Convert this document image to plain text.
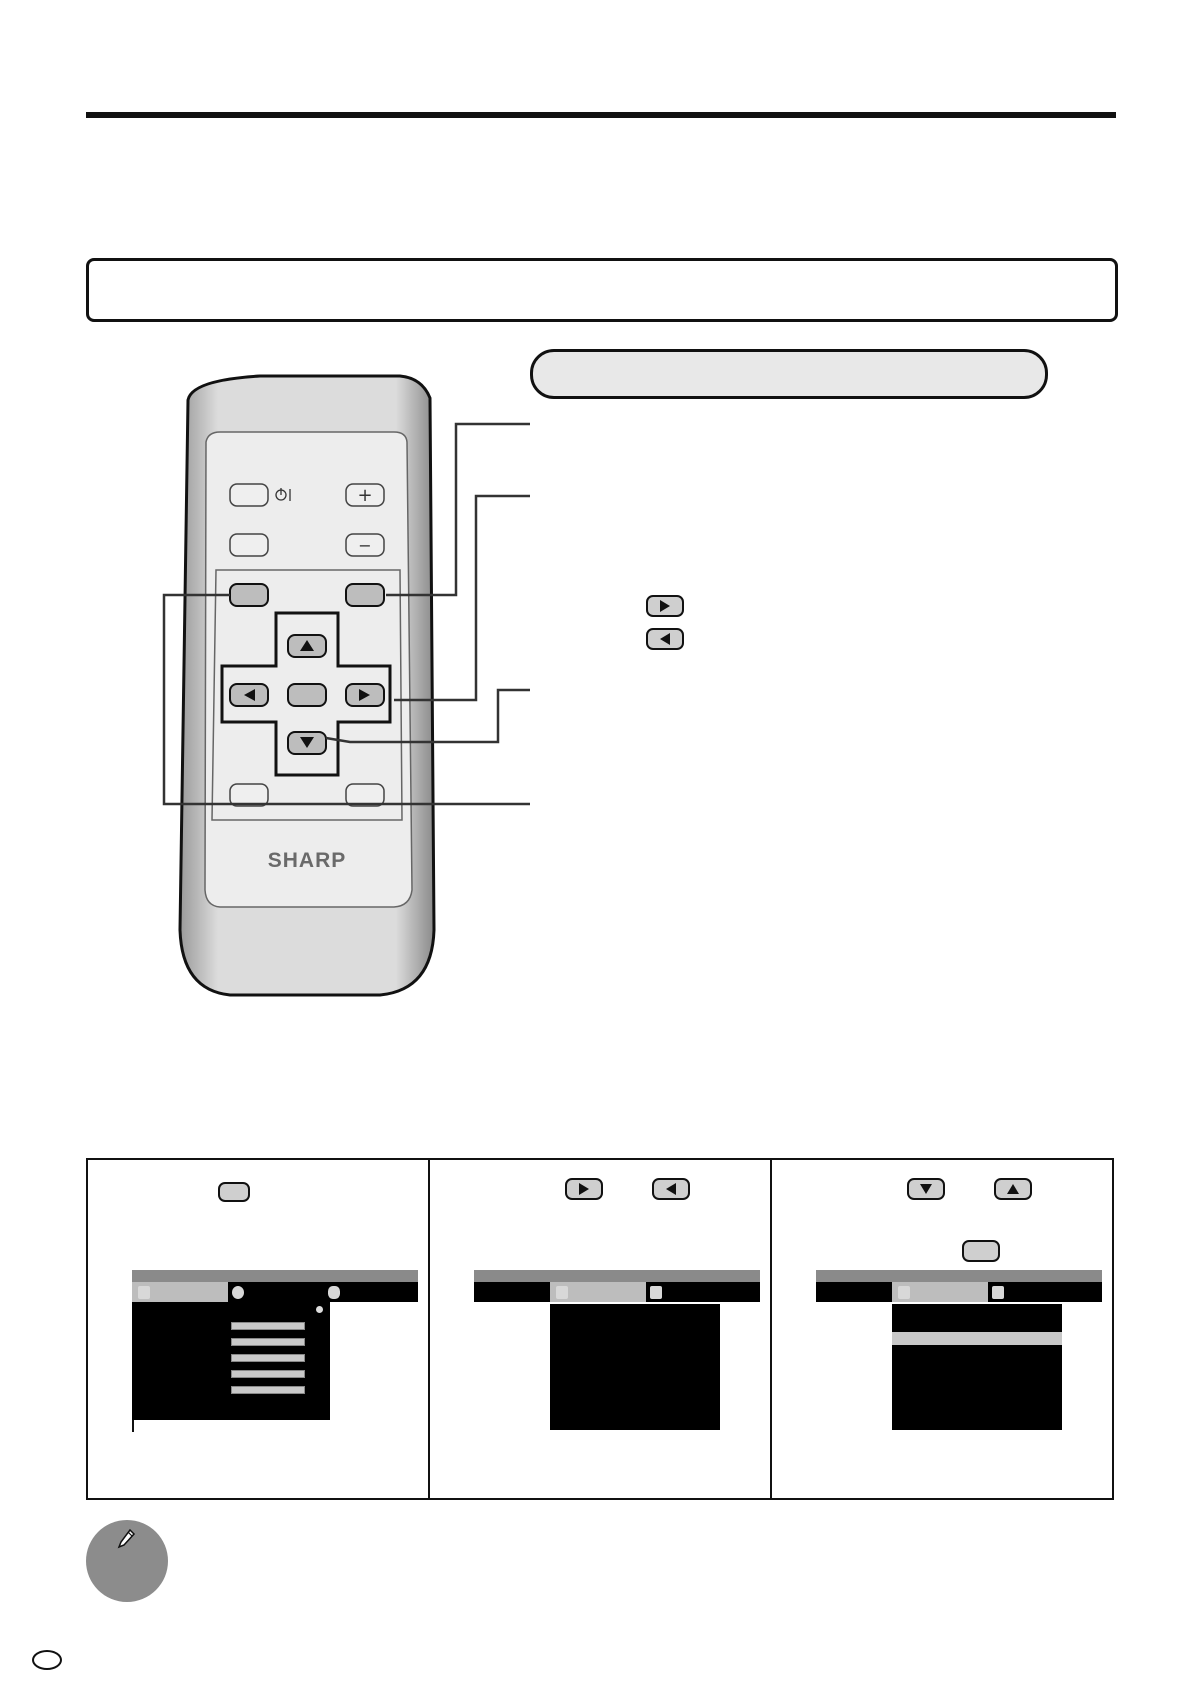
+
−
SHARP
